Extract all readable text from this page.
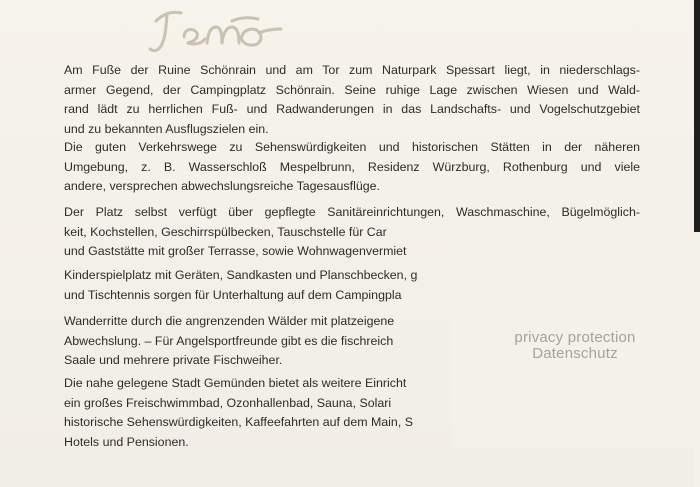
Am Fuße der Ruine Schönrain und am Tor zum Naturpark Spessart liegt, in niederschlags-
armer Gegend, der Campingplatz Schönrain. Seine ruhige Lage zwischen Wiesen und Wald-
rand lädt zu herrlichen Fuß- und Radwanderungen in das Landschafts- und Vogelschutzgebiet
und zu bekannten Ausflugszielen ein.
Die guten Verkehrswege zu Sehenswürdigkeiten und historischen Stätten in der näheren
Umgebung, z. B. Wasserschloß Mespelbrunn, Residenz Würzburg, Rothenburg und viele
andere, versprechen abwechslungsreiche Tagesausflüge.
Der Platz selbst verfügt über gepflegte Sanitäreinrichtungen, Waschmaschine, Bügelmöglich-
keit, Kochstellen, Geschirrspülbecken, Tauschstelle für Car
und Gaststätte mit großer Terrasse, sowie Wohnwagenvermiet
Kinderspielplatz mit Geräten, Sandkasten und Planschbecken, g
und Tischtennis sorgen für Unterhaltung auf dem Campingpla
Wanderritte durch die angrenzenden Wälder mit platzeigene
Abwechslung. – Für Angelsportfreunde gibt es die fischreich
Saale und mehrere private Fischweiher.
Die nahe gelegene Stadt Gemünden bietet als weitere Einricht
ein großes Freischwimmbad, Ozonhallenbad, Sauna, Solari
historische Sehenswürdigkeiten, Kaffeefahrten auf dem Main, S
Hotels und Pensionen.
privacy protection
Datenschutz
